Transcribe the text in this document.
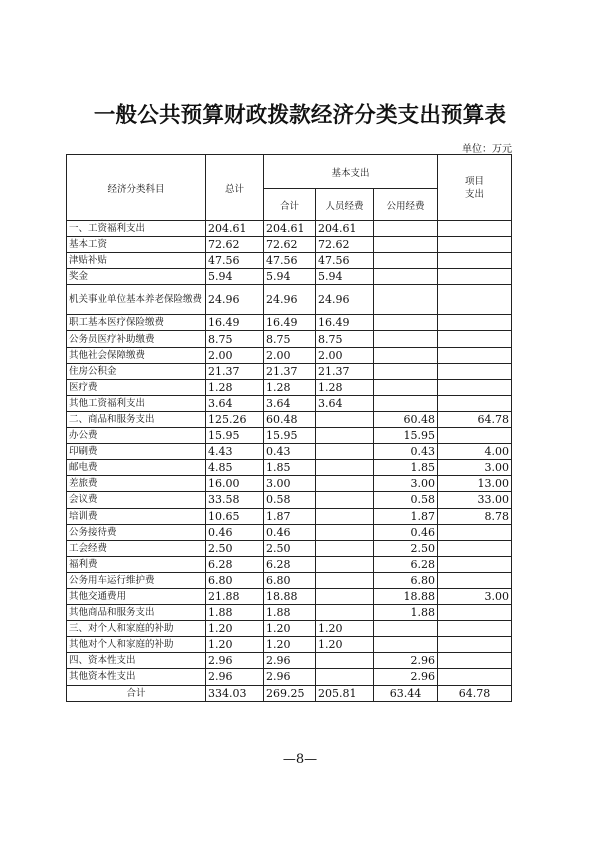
一般公共预算财政拨款经济分类支出预算表
单位：万元
经济分类科目	总计	基本支出			项目
支出
		合计	人员经费	公用经费	
一、工资福利支出	204.61	204.61	204.61		
基本工资	72.62	72.62	72.62		
津贴补贴	47.56	47.56	47.56		
奖金	5.94	5.94	5.94		
机关事业单位基本养老保险缴费	24.96	24.96	24.96		
职工基本医疗保险缴费	16.49	16.49	16.49		
公务员医疗补助缴费	8.75	8.75	8.75		
其他社会保障缴费	2.00	2.00	2.00		
住房公积金	21.37	21.37	21.37		
医疗费	1.28	1.28	1.28		
其他工资福利支出	3.64	3.64	3.64		
二、商品和服务支出	125.26	60.48		60.48	64.78
办公费	15.95	15.95		15.95	
印刷费	4.43	0.43		0.43	4.00
邮电费	4.85	1.85		1.85	3.00
差旅费	16.00	3.00		3.00	13.00
会议费	33.58	0.58		0.58	33.00
培训费	10.65	1.87		1.87	8.78
公务接待费	0.46	0.46		0.46	
工会经费	2.50	2.50		2.50	
福利费	6.28	6.28		6.28	
公务用车运行维护费	6.80	6.80		6.80	
其他交通费用	21.88	18.88		18.88	3.00
其他商品和服务支出	1.88	1.88		1.88	
三、对个人和家庭的补助	1.20	1.20	1.20		
其他对个人和家庭的补助	1.20	1.20	1.20		
四、资本性支出	2.96	2.96		2.96	
其他资本性支出	2.96	2.96		2.96	
合计	334.03	269.25	205.81	63.44	64.78
—8—
